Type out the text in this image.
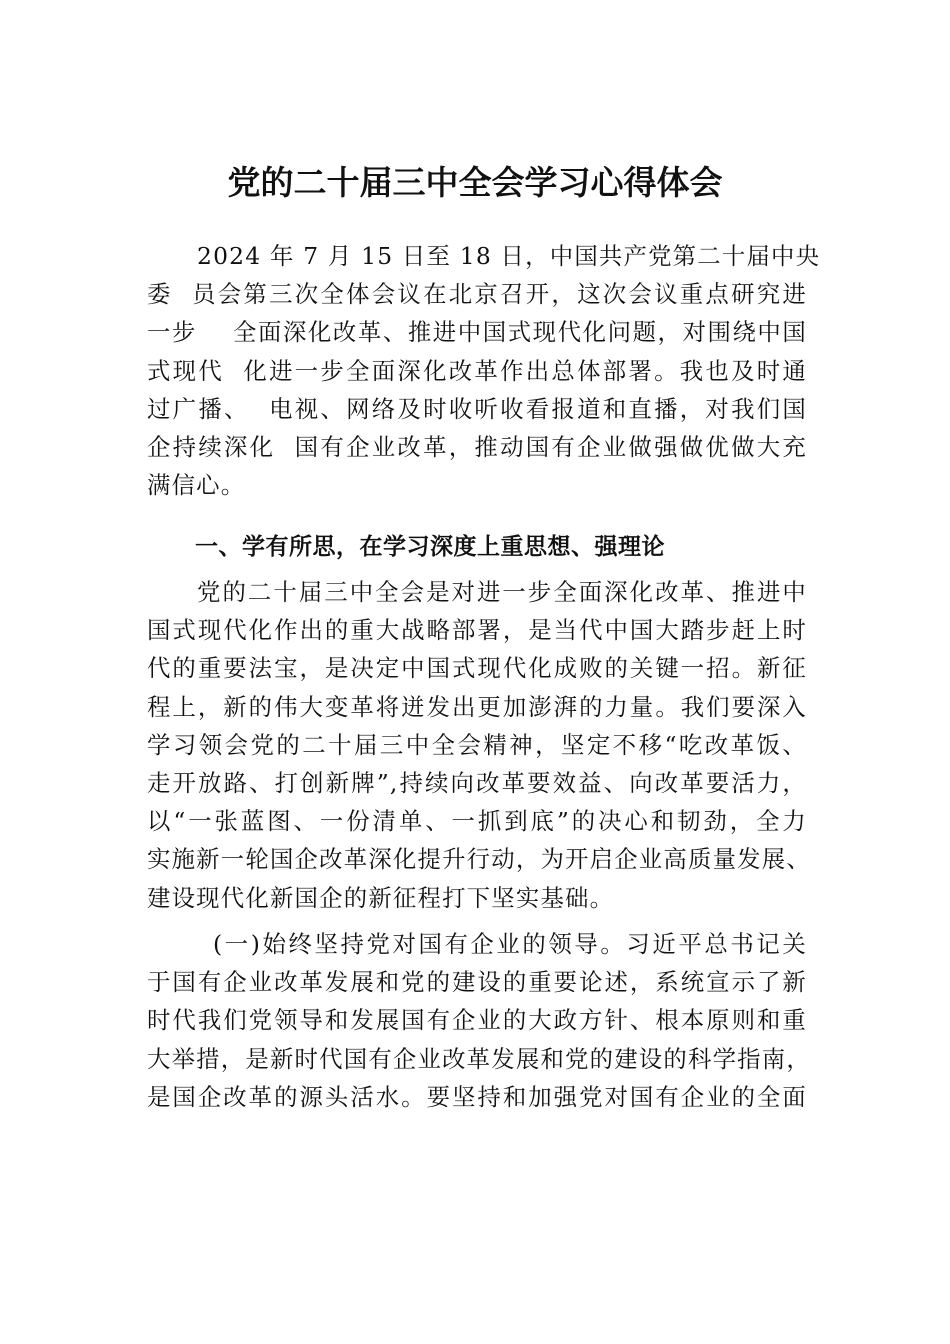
党的二十届三中全会学习心得体会
2024 年 7 月 15 日至 18 日，中国共产党第二十届中央
委  员会第三次全体会议在北京召开，这次会议重点研究进
一步    全面深化改革、推进中国式现代化问题，对围绕中国
式现代  化进一步全面深化改革作出总体部署。我也及时通
过广播、  电视、网络及时收听收看报道和直播，对我们国
企持续深化  国有企业改革，推动国有企业做强做优做大充
满信心。
一、学有所思，在学习深度上重思想、强理论
党的二十届三中全会是对进一步全面深化改革、推进中
国式现代化作出的重大战略部署，是当代中国大踏步赶上时
代的重要法宝，是决定中国式现代化成败的关键一招。新征
程上，新的伟大变革将迸发出更加澎湃的力量。我们要深入
学习领会党的二十届三中全会精神，坚定不移“吃改革饭、
走开放路、打创新牌”,持续向改革要效益、向改革要活力，
以“一张蓝图、一份清单、一抓到底”的决心和韧劲，全力
实施新一轮国企改革深化提升行动，为开启企业高质量发展、
建设现代化新国企的新征程打下坚实基础。
(一)始终坚持党对国有企业的领导。习近平总书记关
于国有企业改革发展和党的建设的重要论述，系统宣示了新
时代我们党领导和发展国有企业的大政方针、根本原则和重
大举措，是新时代国有企业改革发展和党的建设的科学指南，
是国企改革的源头活水。要坚持和加强党对国有企业的全面
